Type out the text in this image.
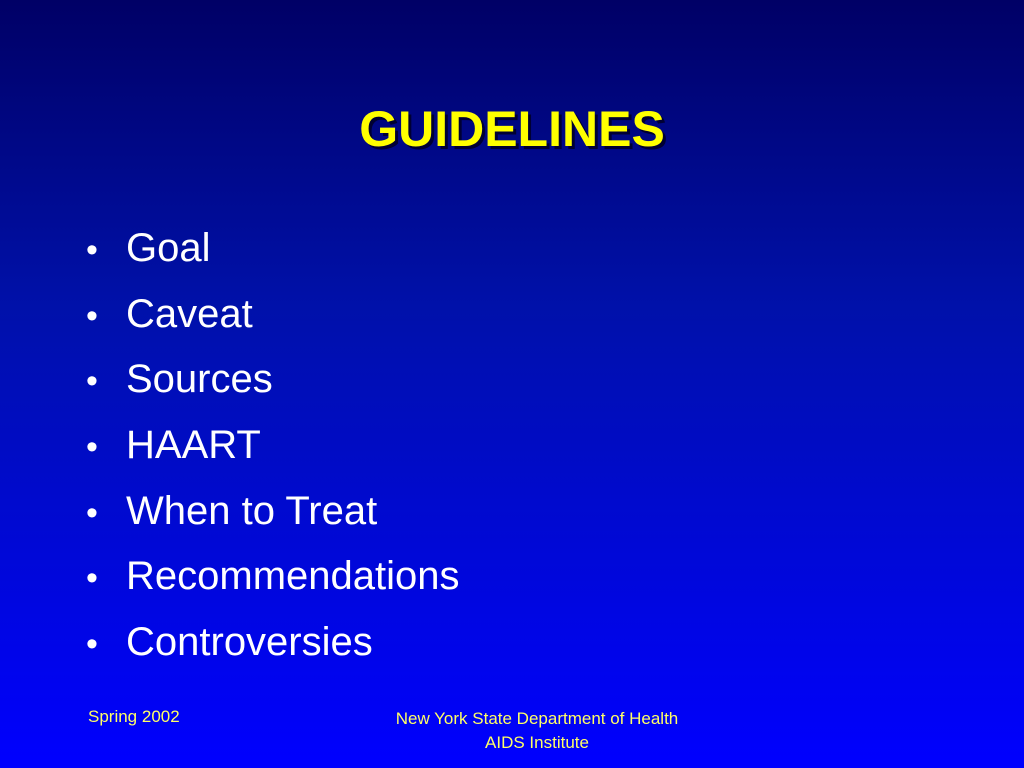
GUIDELINES
• Goal
• Caveat
• Sources
• HAART
• When to Treat
• Recommendations
• Controversies
Spring 2002	New York State Department of Health
AIDS Institute
